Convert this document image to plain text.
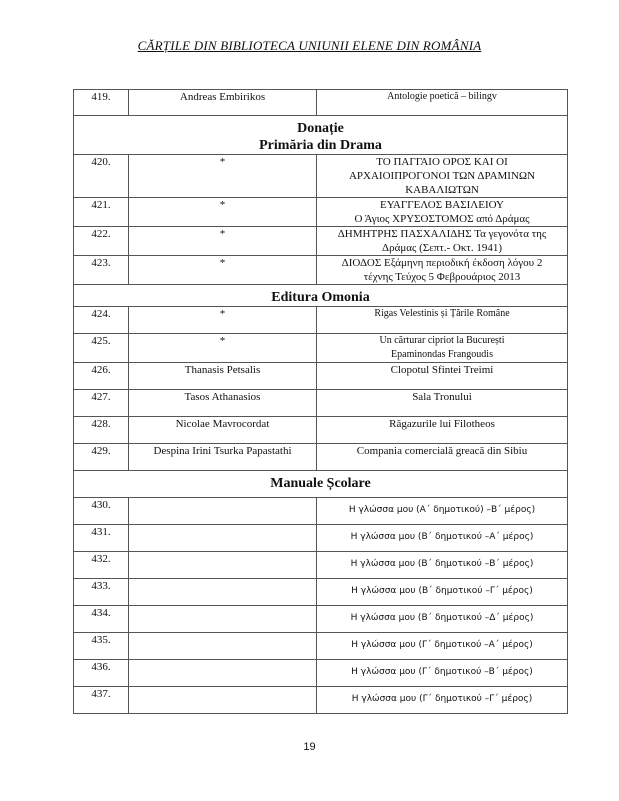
CĂRȚILE DIN BIBLIOTECA UNIUNII ELENE DIN ROMÂNIA
419.	Andreas Embirikos	Antologie poetică – bilingv
Donație
Primăria din Drama		
420.	*	ΤΟ ΠΑΓΓΑΙΟ ΟΡΟΣ ΚΑΙ ΟΙ
ΑΡΧΑΙΟΙΠΡΟΓΟΝΟΙ ΤΩΝ ΔΡΑΜΙΝΩΝ
ΚΑΒΑΛΙΩΤΩΝ
421.	*	ΕΥΑΓΓΕΛΟΣ ΒΑΣΙΛΕΙΟΥ
Ο Άγιος ΧΡΥΣΟΣΤΟΜΟΣ από Δράμας
422.	*	ΔΗΜΗΤΡΗΣ ΠΑΣΧΑΛΙΔΗΣ Τα γεγονότα της
Δράμας (Σεπτ.- Οκτ. 1941)
423.	*	ΔΙΟΔΟΣ Εξάμηνη περιοδική έκδοση λόγου 2
τέχνης Τεύχος 5 Φεβρουάριος 2013
Editura Omonia		
424.	*	Rigas Velestinis și Țările Române
425.	*	Un cărturar cipriot la București
Epaminondas Frangoudis
426.	Thanasis Petsalis	Clopotul Sfintei Treimi
427.	Tasos Athanasios	Sala Tronului
428.	Nicolae Mavrocordat	Răgazurile lui Filotheos
429.	Despina Irini Tsurka Papastathi	Compania comercială greacă din Sibiu
Manuale Școlare		
430.		Η γλώσσα μου (Α΄ δημοτικού) –Β΄ μέρος)
431.		Η γλώσσα μου (Β΄ δημοτικού –Α΄ μέρος)
432.		Η γλώσσα μου (Β΄ δημοτικού –Β΄ μέρος)
433.		Η γλώσσα μου (Β΄ δημοτικού –Γ΄ μέρος)
434.		Η γλώσσα μου (Β΄ δημοτικού –Δ΄ μέρος)
435.		Η γλώσσα μου (Γ΄ δημοτικού –Α΄ μέρος)
436.		Η γλώσσα μου (Γ΄ δημοτικού –Β΄ μέρος)
437.		Η γλώσσα μου (Γ΄ δημοτικού –Γ΄ μέρος)
19
